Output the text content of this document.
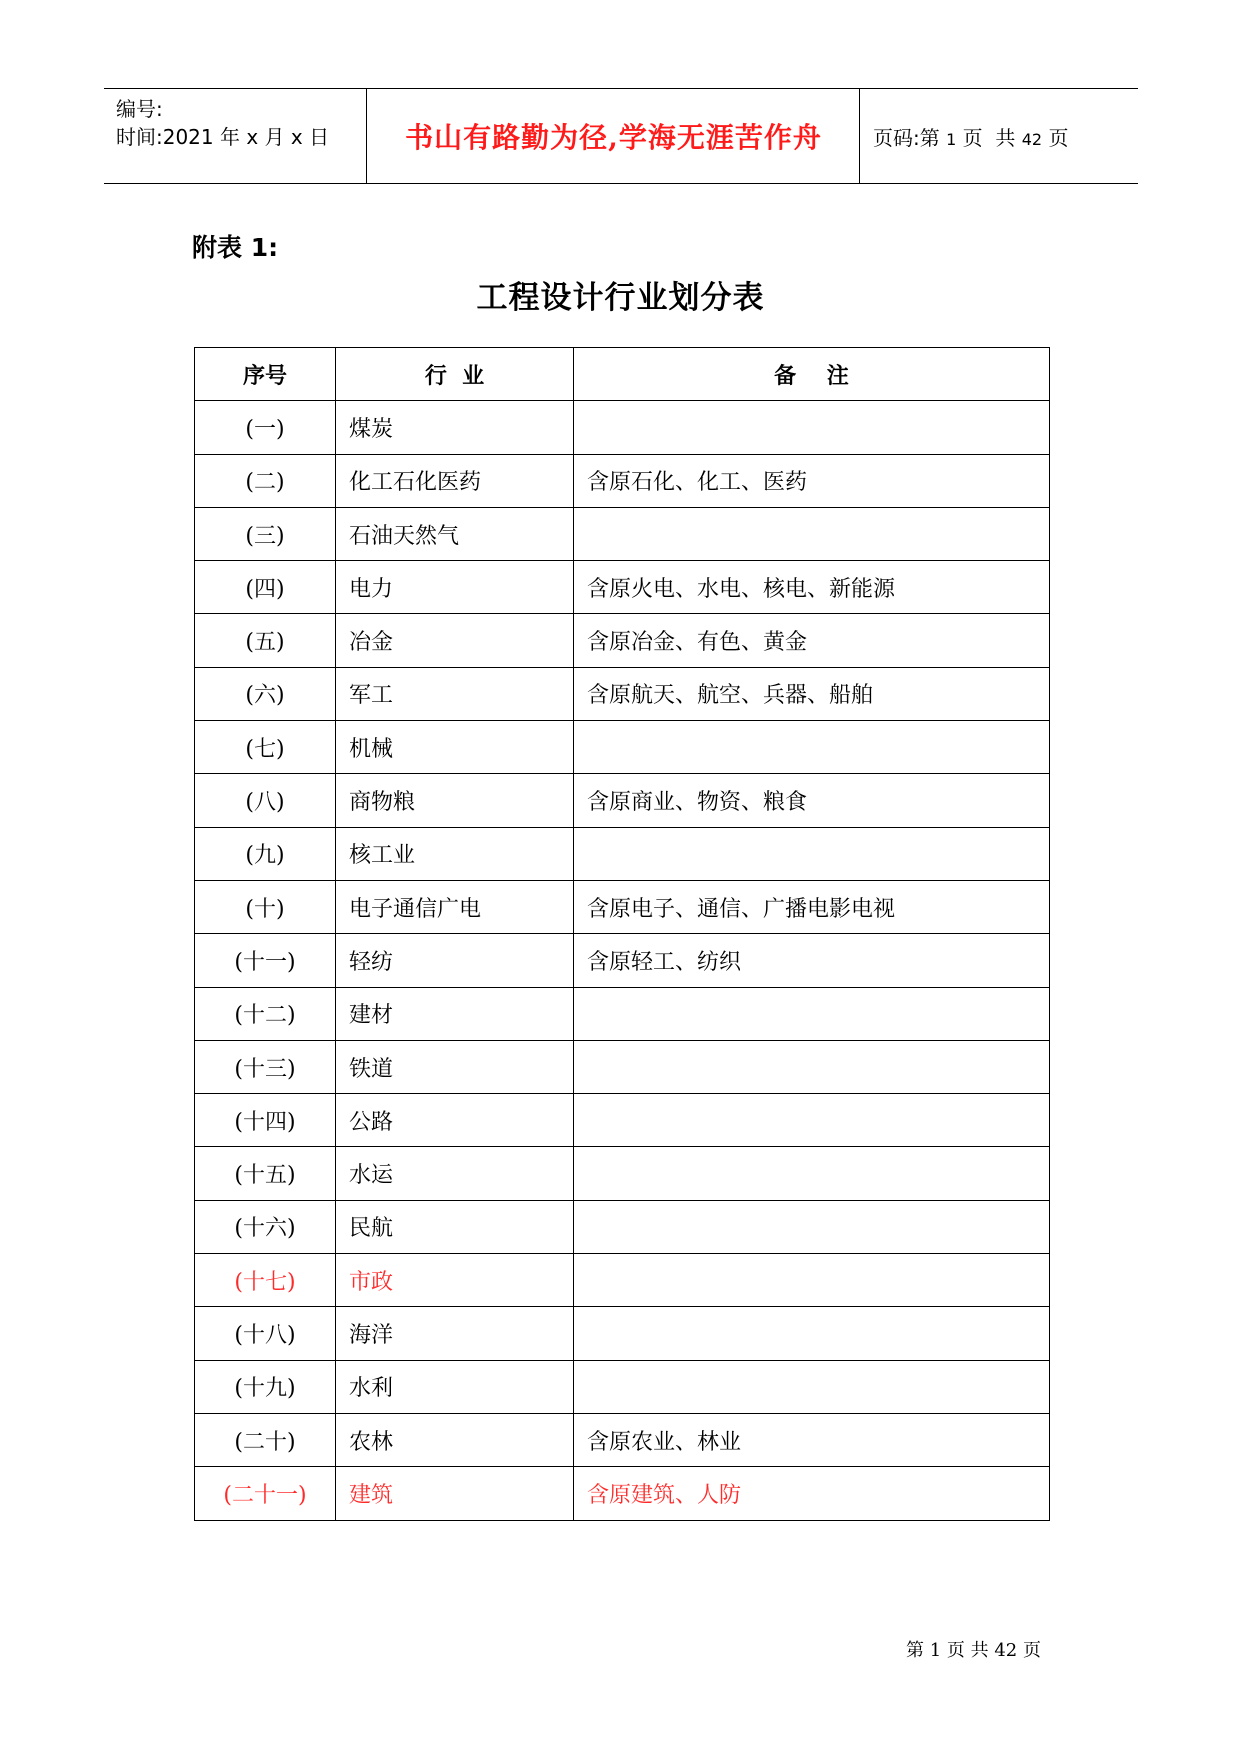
编号:
时间:2021 年 x 月 x 日	书山有路勤为径,学海无涯苦作舟	页码:第 1 页  共 42 页
附表 1:
工程设计行业划分表
序号	行  业	备    注
(一)	煤炭	
(二)	化工石化医药	含原石化、化工、医药
(三)	石油天然气	
(四)	电力	含原火电、水电、核电、新能源
(五)	冶金	含原冶金、有色、黄金
(六)	军工	含原航天、航空、兵器、船舶
(七)	机械	
(八)	商物粮	含原商业、物资、粮食
(九)	核工业	
(十)	电子通信广电	含原电子、通信、广播电影电视
(十一)	轻纺	含原轻工、纺织
(十二)	建材	
(十三)	铁道	
(十四)	公路	
(十五)	水运	
(十六)	民航	
(十七)	市政	
(十八)	海洋	
(十九)	水利	
(二十)	农林	含原农业、林业
(二十一)	建筑	含原建筑、人防
第 1 页 共 42 页
